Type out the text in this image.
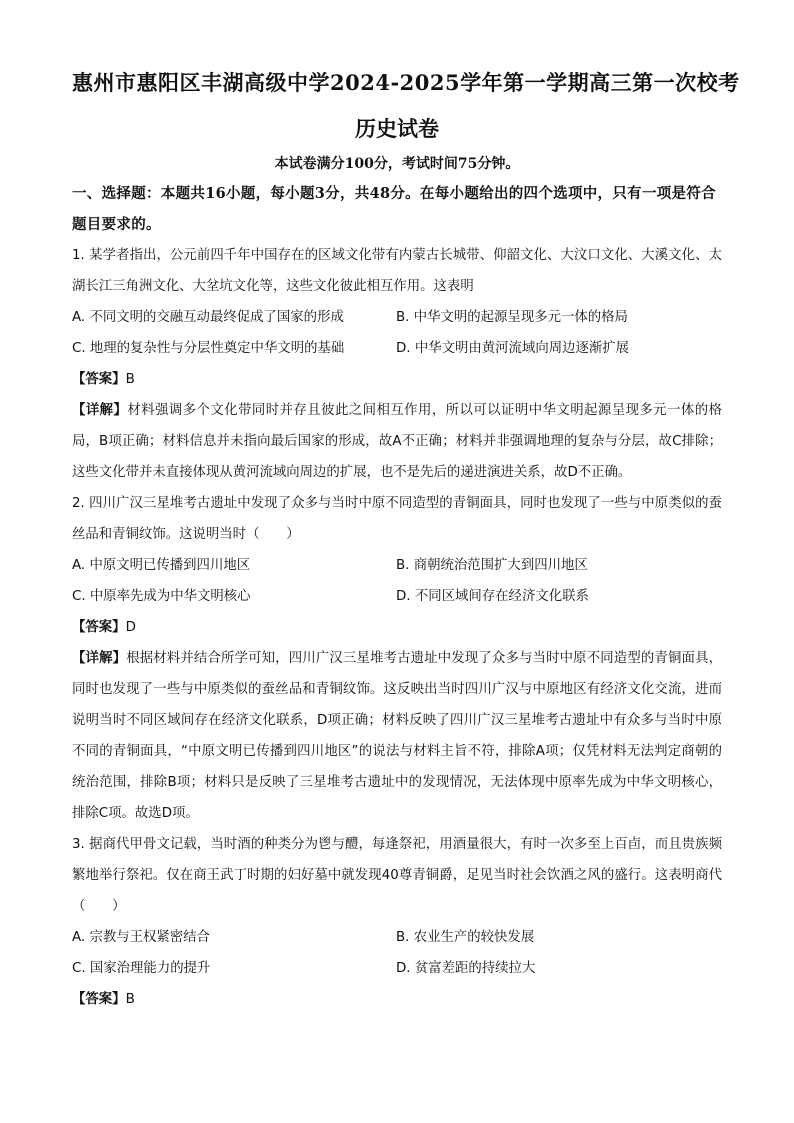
惠州市惠阳区丰湖高级中学2024-2025学年第一学期高三第一次校考

历史试卷

本试卷满分100分，考试时间75分钟。

一、选择题：本题共16小题，每小题3分，共48分。在每小题给出的四个选项中，只有一项是符合题目要求的。

1. 某学者指出，公元前四千年中国存在的区域文化带有内蒙古长城带、仰韶文化、大汶口文化、大溪文化、太湖长江三角洲文化、大坌坑文化等，这些文化彼此相互作用。这表明

A. 不同文明的交融互动最终促成了国家的形成	B. 中华文明的起源呈现多元一体的格局
C. 地理的复杂性与分层性奠定中华文明的基础	D. 中华文明由黄河流域向周边逐渐扩展

【答案】B

【详解】材料强调多个文化带同时并存且彼此之间相互作用，所以可以证明中华文明起源呈现多元一体的格局，B项正确；材料信息并未指向最后国家的形成，故A不正确；材料并非强调地理的复杂与分层，故C排除；这些文化带并未直接体现从黄河流域向周边的扩展，也不是先后的递进演进关系，故D不正确。

2. 四川广汉三星堆考古遗址中发现了众多与当时中原不同造型的青铜面具，同时也发现了一些与中原类似的蚕丝品和青铜纹饰。这说明当时（　　）

A. 中原文明已传播到四川地区	B. 商朝统治范围扩大到四川地区
C. 中原率先成为中华文明核心	D. 不同区域间存在经济文化联系

【答案】D

【详解】根据材料并结合所学可知，四川广汉三星堆考古遗址中发现了众多与当时中原不同造型的青铜面具，同时也发现了一些与中原类似的蚕丝品和青铜纹饰。这反映出当时四川广汉与中原地区有经济文化交流，进而说明当时不同区域间存在经济文化联系，D项正确；材料反映了四川广汉三星堆考古遗址中有众多与当时中原不同的青铜面具，“中原文明已传播到四川地区”的说法与材料主旨不符，排除A项；仅凭材料无法判定商朝的统治范围，排除B项；材料只是反映了三星堆考古遗址中的发现情况，无法体现中原率先成为中华文明核心，排除C项。故选D项。

3. 据商代甲骨文记载，当时酒的种类分为鬯与醴，每逢祭祀，用酒量很大，有时一次多至上百卣，而且贵族频繁地举行祭祀。仅在商王武丁时期的妇好墓中就发现40尊青铜爵，足见当时社会饮酒之风的盛行。这表明商代（　　）

A. 宗教与王权紧密结合	B. 农业生产的较快发展
C. 国家治理能力的提升	D. 贫富差距的持续拉大

【答案】B
